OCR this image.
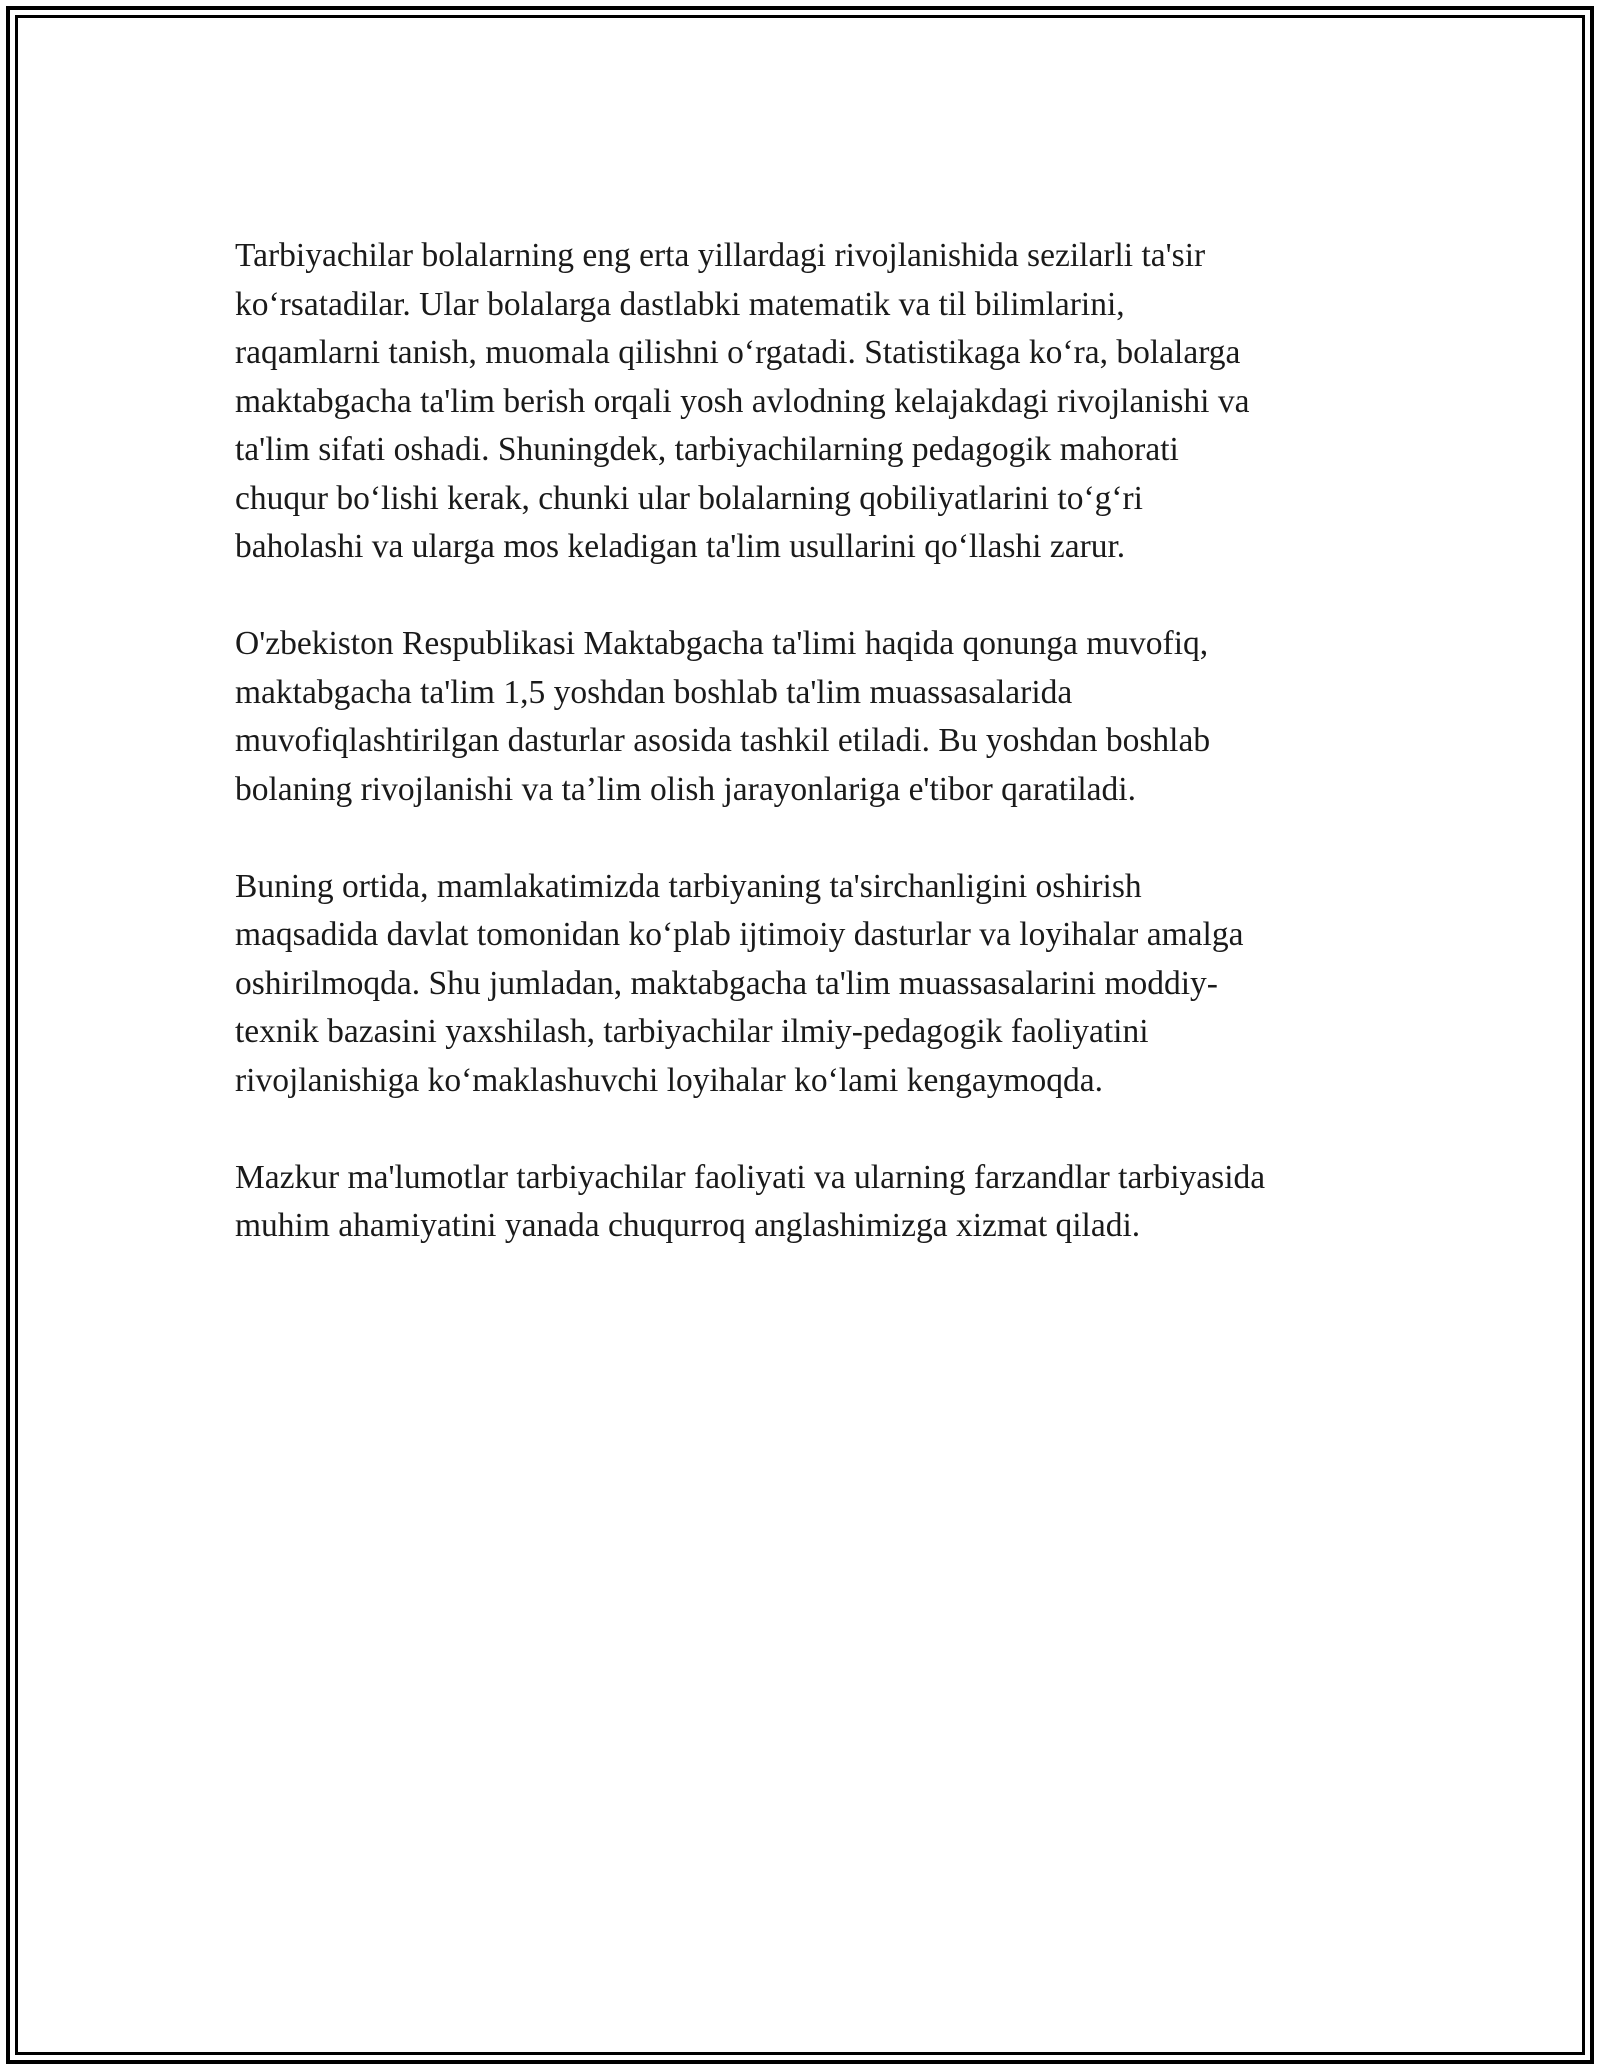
Tarbiyachilar bolalarning eng erta yillardagi rivojlanishida sezilarli ta'sir
ko‘rsatadilar. Ular bolalarga dastlabki matematik va til bilimlarini,
raqamlarni tanish, muomala qilishni o‘rgatadi. Statistikaga ko‘ra, bolalarga
maktabgacha ta'lim berish orqali yosh avlodning kelajakdagi rivojlanishi va
ta'lim sifati oshadi. Shuningdek, tarbiyachilarning pedagogik mahorati
chuqur bo‘lishi kerak, chunki ular bolalarning qobiliyatlarini to‘g‘ri
baholashi va ularga mos keladigan ta'lim usullarini qo‘llashi zarur.

O'zbekiston Respublikasi Maktabgacha ta'limi haqida qonunga muvofiq,
maktabgacha ta'lim 1,5 yoshdan boshlab ta'lim muassasalarida
muvofiqlashtirilgan dasturlar asosida tashkil etiladi. Bu yoshdan boshlab
bolaning rivojlanishi va ta’lim olish jarayonlariga e'tibor qaratiladi.

Buning ortida, mamlakatimizda tarbiyaning ta'sirchanligini oshirish
maqsadida davlat tomonidan ko‘plab ijtimoiy dasturlar va loyihalar amalga
oshirilmoqda. Shu jumladan, maktabgacha ta'lim muassasalarini moddiy-
texnik bazasini yaxshilash, tarbiyachilar ilmiy-pedagogik faoliyatini
rivojlanishiga ko‘maklashuvchi loyihalar ko‘lami kengaymoqda.

Mazkur ma'lumotlar tarbiyachilar faoliyati va ularning farzandlar tarbiyasida
muhim ahamiyatini yanada chuqurroq anglashimizga xizmat qiladi.
